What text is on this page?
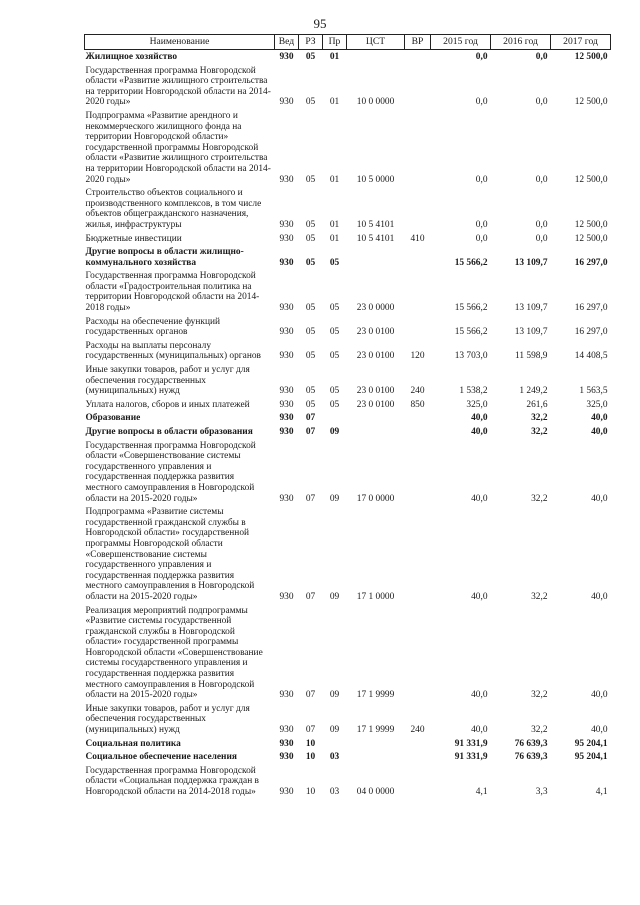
95
Наименование	Вед	РЗ	Пр	ЦСТ	ВР	2015 год	2016 год	2017 год
Жилищное хозяйство	930	05	01			0,0	0,0	12 500,0
Государственная программа Новгородской области «Развитие жилищного строительства на территории Новгородской области на 2014-2020 годы»	930	05	01	10 0 0000		0,0	0,0	12 500,0
Подпрограмма «Развитие арендного и некоммерческого жилищного фонда на территории Новгородской области» государственной программы Новгородской области «Развитие жилищного строительства на территории Новгородской области на 2014-2020 годы»	930	05	01	10 5 0000		0,0	0,0	12 500,0
Строительство объектов социального и производственного комплексов, в том числе объектов общегражданского назначения, жилья, инфраструктуры	930	05	01	10 5 4101		0,0	0,0	12 500,0
Бюджетные инвестиции	930	05	01	10 5 4101	410	0,0	0,0	12 500,0
Другие вопросы в области жилищно-коммунального хозяйства	930	05	05			15 566,2	13 109,7	16 297,0
Государственная программа Новгородской области «Градостроительная политика на территории Новгородской области на 2014-2018 годы»	930	05	05	23 0 0000		15 566,2	13 109,7	16 297,0
Расходы на обеспечение функций государственных органов	930	05	05	23 0 0100		15 566,2	13 109,7	16 297,0
Расходы на выплаты персоналу государственных (муниципальных) органов	930	05	05	23 0 0100	120	13 703,0	11 598,9	14 408,5
Иные закупки товаров, работ и услуг для обеспечения государственных (муниципальных) нужд	930	05	05	23 0 0100	240	1 538,2	1 249,2	1 563,5
Уплата налогов, сборов и иных платежей	930	05	05	23 0 0100	850	325,0	261,6	325,0
Образование	930	07				40,0	32,2	40,0
Другие вопросы в области образования	930	07	09			40,0	32,2	40,0
Государственная программа Новгородской области «Совершенствование системы государственного управления и государственная поддержка развития местного самоуправления в Новгородской области на 2015-2020 годы»	930	07	09	17 0 0000		40,0	32,2	40,0
Подпрограмма «Развитие системы государственной гражданской службы в Новгородской области» государственной программы Новгородской области «Совершенствование системы государственного управления и государственная поддержка развития местного самоуправления в Новгородской области на 2015-2020 годы»	930	07	09	17 1 0000		40,0	32,2	40,0
Реализация мероприятий подпрограммы «Развитие системы государственной гражданской службы в Новгородской области» государственной программы Новгородской области «Совершенствование системы государственного управления и государственная поддержка развития местного самоуправления в Новгородской области на 2015-2020 годы»	930	07	09	17 1 9999		40,0	32,2	40,0
Иные закупки товаров, работ и услуг для обеспечения государственных (муниципальных) нужд	930	07	09	17 1 9999	240	40,0	32,2	40,0
Социальная политика	930	10				91 331,9	76 639,3	95 204,1
Социальное обеспечение населения	930	10	03			91 331,9	76 639,3	95 204,1
Государственная программа Новгородской области «Социальная поддержка граждан в Новгородской области на 2014-2018 годы»	930	10	03	04 0 0000		4,1	3,3	4,1
